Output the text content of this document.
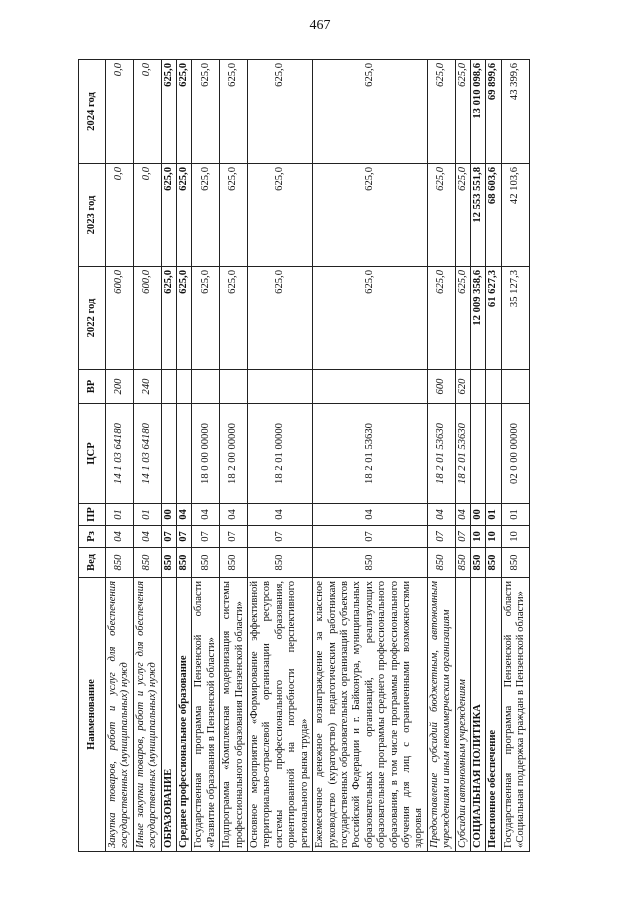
467
Наименование	Вед	Рз	ПР	ЦСР	ВР	2022 год	2023 год	2024 год
Закупка товаров, работ и услуг для обеспечения государственных (муниципальных) нужд	850	04	01	14 1 03 64180	200	600,0	0,0	0,0
Иные закупки товаров, работ и услуг для обеспечения государственных (муниципальных) нужд	850	04	01	14 1 03 64180	240	600,0	0,0	0,0
ОБРАЗОВАНИЕ	850	07	00			625,0	625,0	625,0
Среднее профессиональное образование	850	07	04			625,0	625,0	625,0
Государственная программа Пензенской области «Развитие образования в Пензенской области»	850	07	04	18 0 00 00000		625,0	625,0	625,0
Подпрограмма «Комплексная модернизация системы профессионального образования Пензенской области»	850	07	04	18 2 00 00000		625,0	625,0	625,0
Основное мероприятие «Формирование эффективной территориально-отраслевой организации ресурсов системы профессионального образования, ориентированной на потребности перспективного регионального рынка труда»	850	07	04	18 2 01 00000		625,0	625,0	625,0
Ежемесячное денежное вознаграждение за классное руководство (кураторство) педагогическим работникам государственных образовательных организаций субъектов Российской Федерации и г. Байконура, муниципальных образовательных организаций, реализующих образовательные программы среднего профессионального образования, в том числе программы профессионального обучения для лиц с ограниченными возможностями здоровья	850	07	04	18 2 01 53630		625,0	625,0	625,0
Предоставление субсидий бюджетным, автономным учреждениям и иным некоммерческим организациям	850	07	04	18 2 01 53630	600	625,0	625,0	625,0
Субсидии автономным учреждениям	850	07	04	18 2 01 53630	620	625,0	625,0	625,0
СОЦИАЛЬНАЯ ПОЛИТИКА	850	10	00			12 009 358,6	12 553 551,8	13 010 098,6
Пенсионное обеспечение	850	10	01			61 627,3	68 603,6	69 899,6
Государственная программа Пензенской области «Социальная поддержка граждан в Пензенской области»	850	10	01	02 0 00 00000		35 127,3	42 103,6	43 399,6
